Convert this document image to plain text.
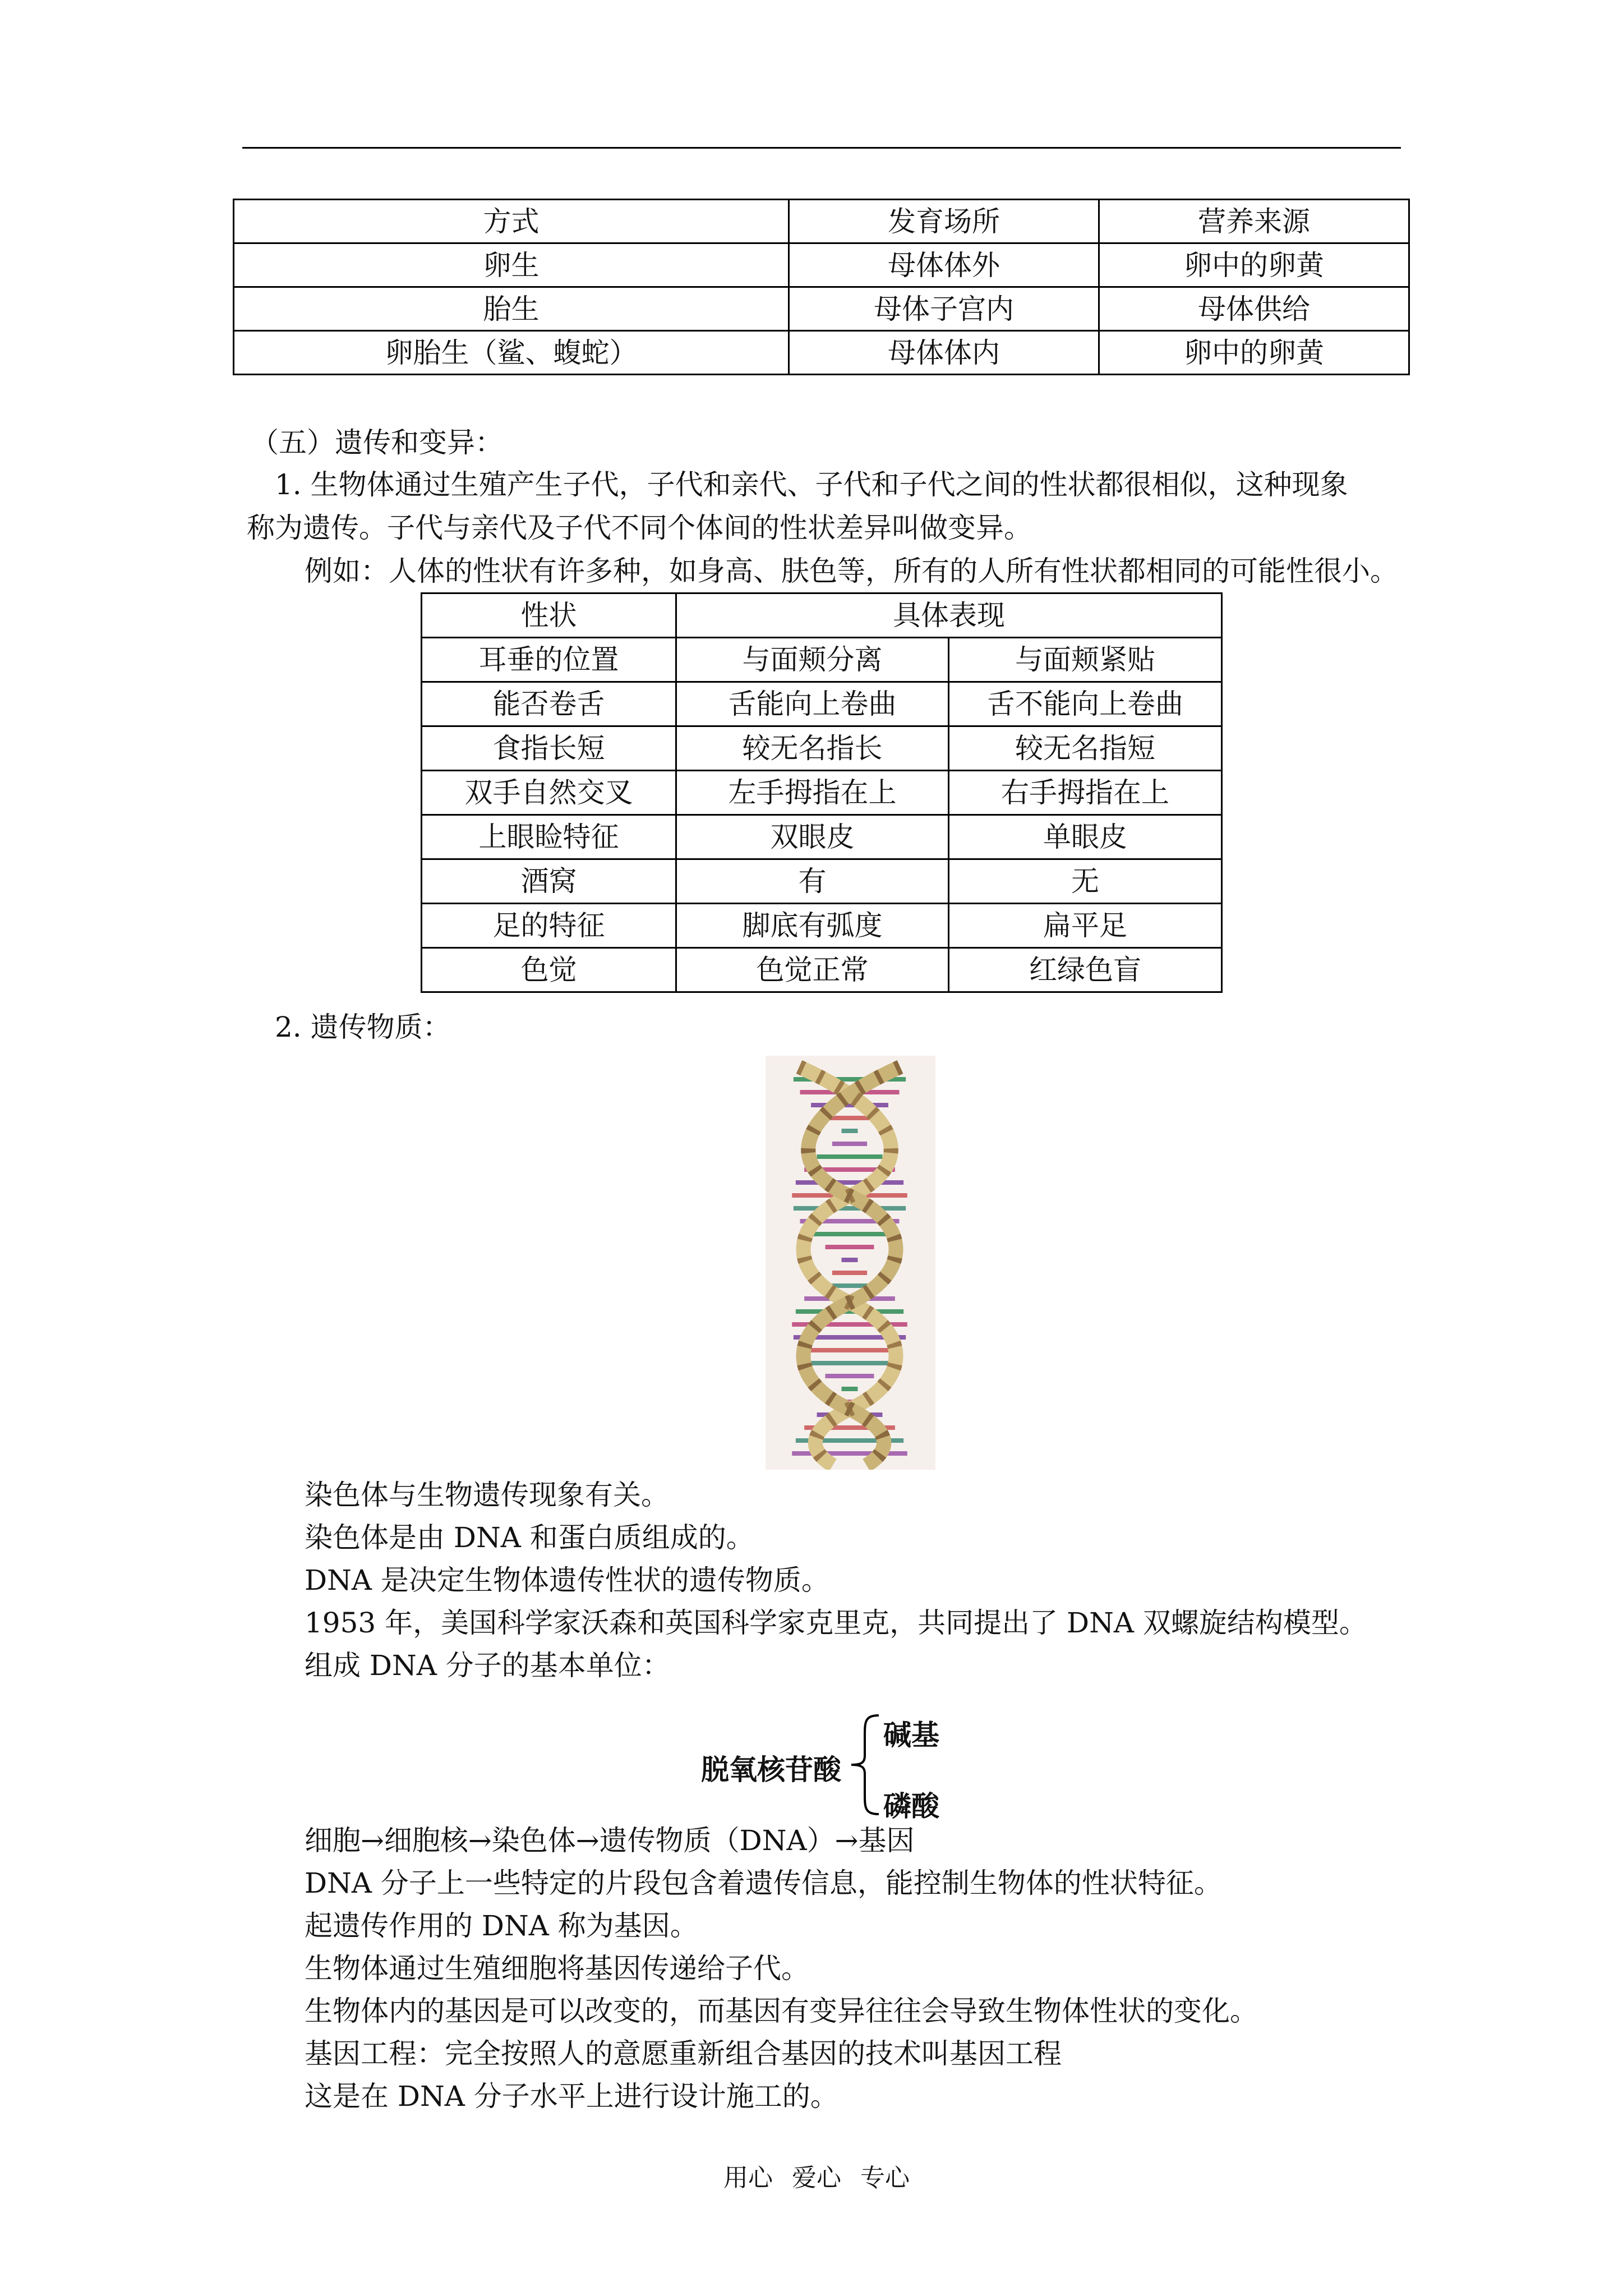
方式	发育场所	营养来源
卵生	母体体外	卵中的卵黄
胎生	母体子宫内	母体供给
卵胎生（鲨、蝮蛇）	母体体内	卵中的卵黄
（五）遗传和变异：
1. 生物体通过生殖产生子代，子代和亲代、子代和子代之间的性状都很相似，这种现象
称为遗传。子代与亲代及子代不同个体间的性状差异叫做变异。
例如：人体的性状有许多种，如身高、肤色等，所有的人所有性状都相同的可能性很小。
性状	具体表现	
耳垂的位置	与面颊分离	与面颊紧贴
能否卷舌	舌能向上卷曲	舌不能向上卷曲
食指长短	较无名指长	较无名指短
双手自然交叉	左手拇指在上	右手拇指在上
上眼睑特征	双眼皮	单眼皮
酒窝	有	无
足的特征	脚底有弧度	扁平足
色觉	色觉正常	红绿色盲
2. 遗传物质：
染色体与生物遗传现象有关。
染色体是由 DNA 和蛋白质组成的。
DNA 是决定生物体遗传性状的遗传物质。
1953 年，美国科学家沃森和英国科学家克里克，共同提出了 DNA 双螺旋结构模型。
组成 DNA 分子的基本单位：
脱氧核苷酸
碱基
磷酸
细胞→细胞核→染色体→遗传物质（DNA）→基因
DNA 分子上一些特定的片段包含着遗传信息，能控制生物体的性状特征。
起遗传作用的 DNA 称为基因。
生物体通过生殖细胞将基因传递给子代。
生物体内的基因是可以改变的，而基因有变异往往会导致生物体性状的变化。
基因工程：完全按照人的意愿重新组合基因的技术叫基因工程
这是在 DNA 分子水平上进行设计施工的。
用心 爱心 专心
